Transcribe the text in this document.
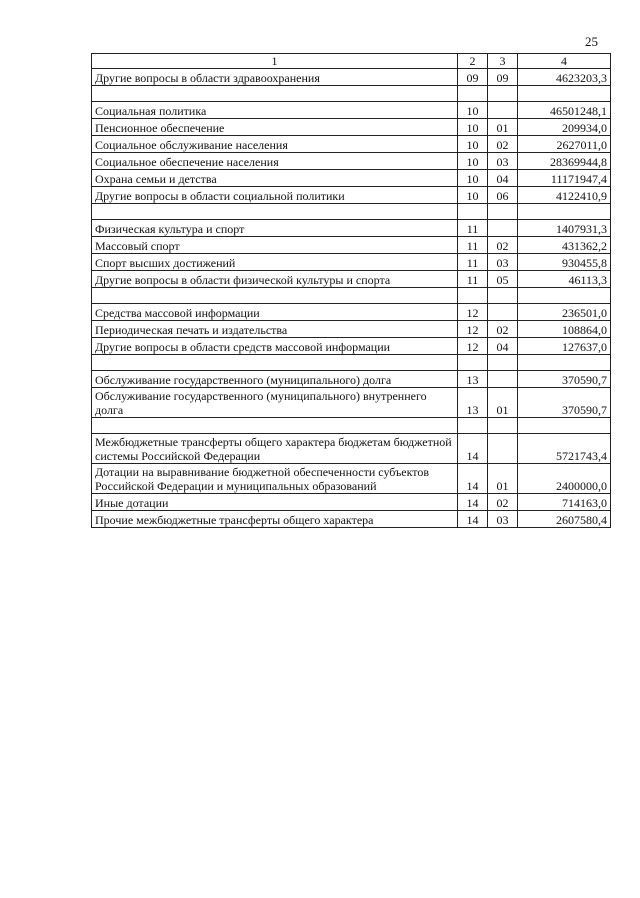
25
1	2	3	4
Другие вопросы в области здравоохранения	09	09	4623203,3

Социальная политика	10		46501248,1
Пенсионное обеспечение	10	01	209934,0
Социальное обслуживание населения	10	02	2627011,0
Социальное обеспечение населения	10	03	28369944,8
Охрана семьи и детства	10	04	11171947,4
Другие вопросы в области социальной политики	10	06	4122410,9

Физическая культура и спорт	11		1407931,3
Массовый спорт	11	02	431362,2
Спорт высших достижений	11	03	930455,8
Другие вопросы в области физической культуры и спорта	11	05	46113,3

Средства массовой информации	12		236501,0
Периодическая печать и издательства	12	02	108864,0
Другие вопросы в области средств массовой информации	12	04	127637,0

Обслуживание государственного (муниципального) долга	13		370590,7
Обслуживание государственного (муниципального) внутреннего долга	13	01	370590,7

Межбюджетные трансферты общего характера бюджетам бюджетной системы Российской Федерации	14		5721743,4
Дотации на выравнивание бюджетной обеспеченности субъектов Российской Федерации и муниципальных образований	14	01	2400000,0
Иные дотации	14	02	714163,0
Прочие межбюджетные трансферты общего характера	14	03	2607580,4
